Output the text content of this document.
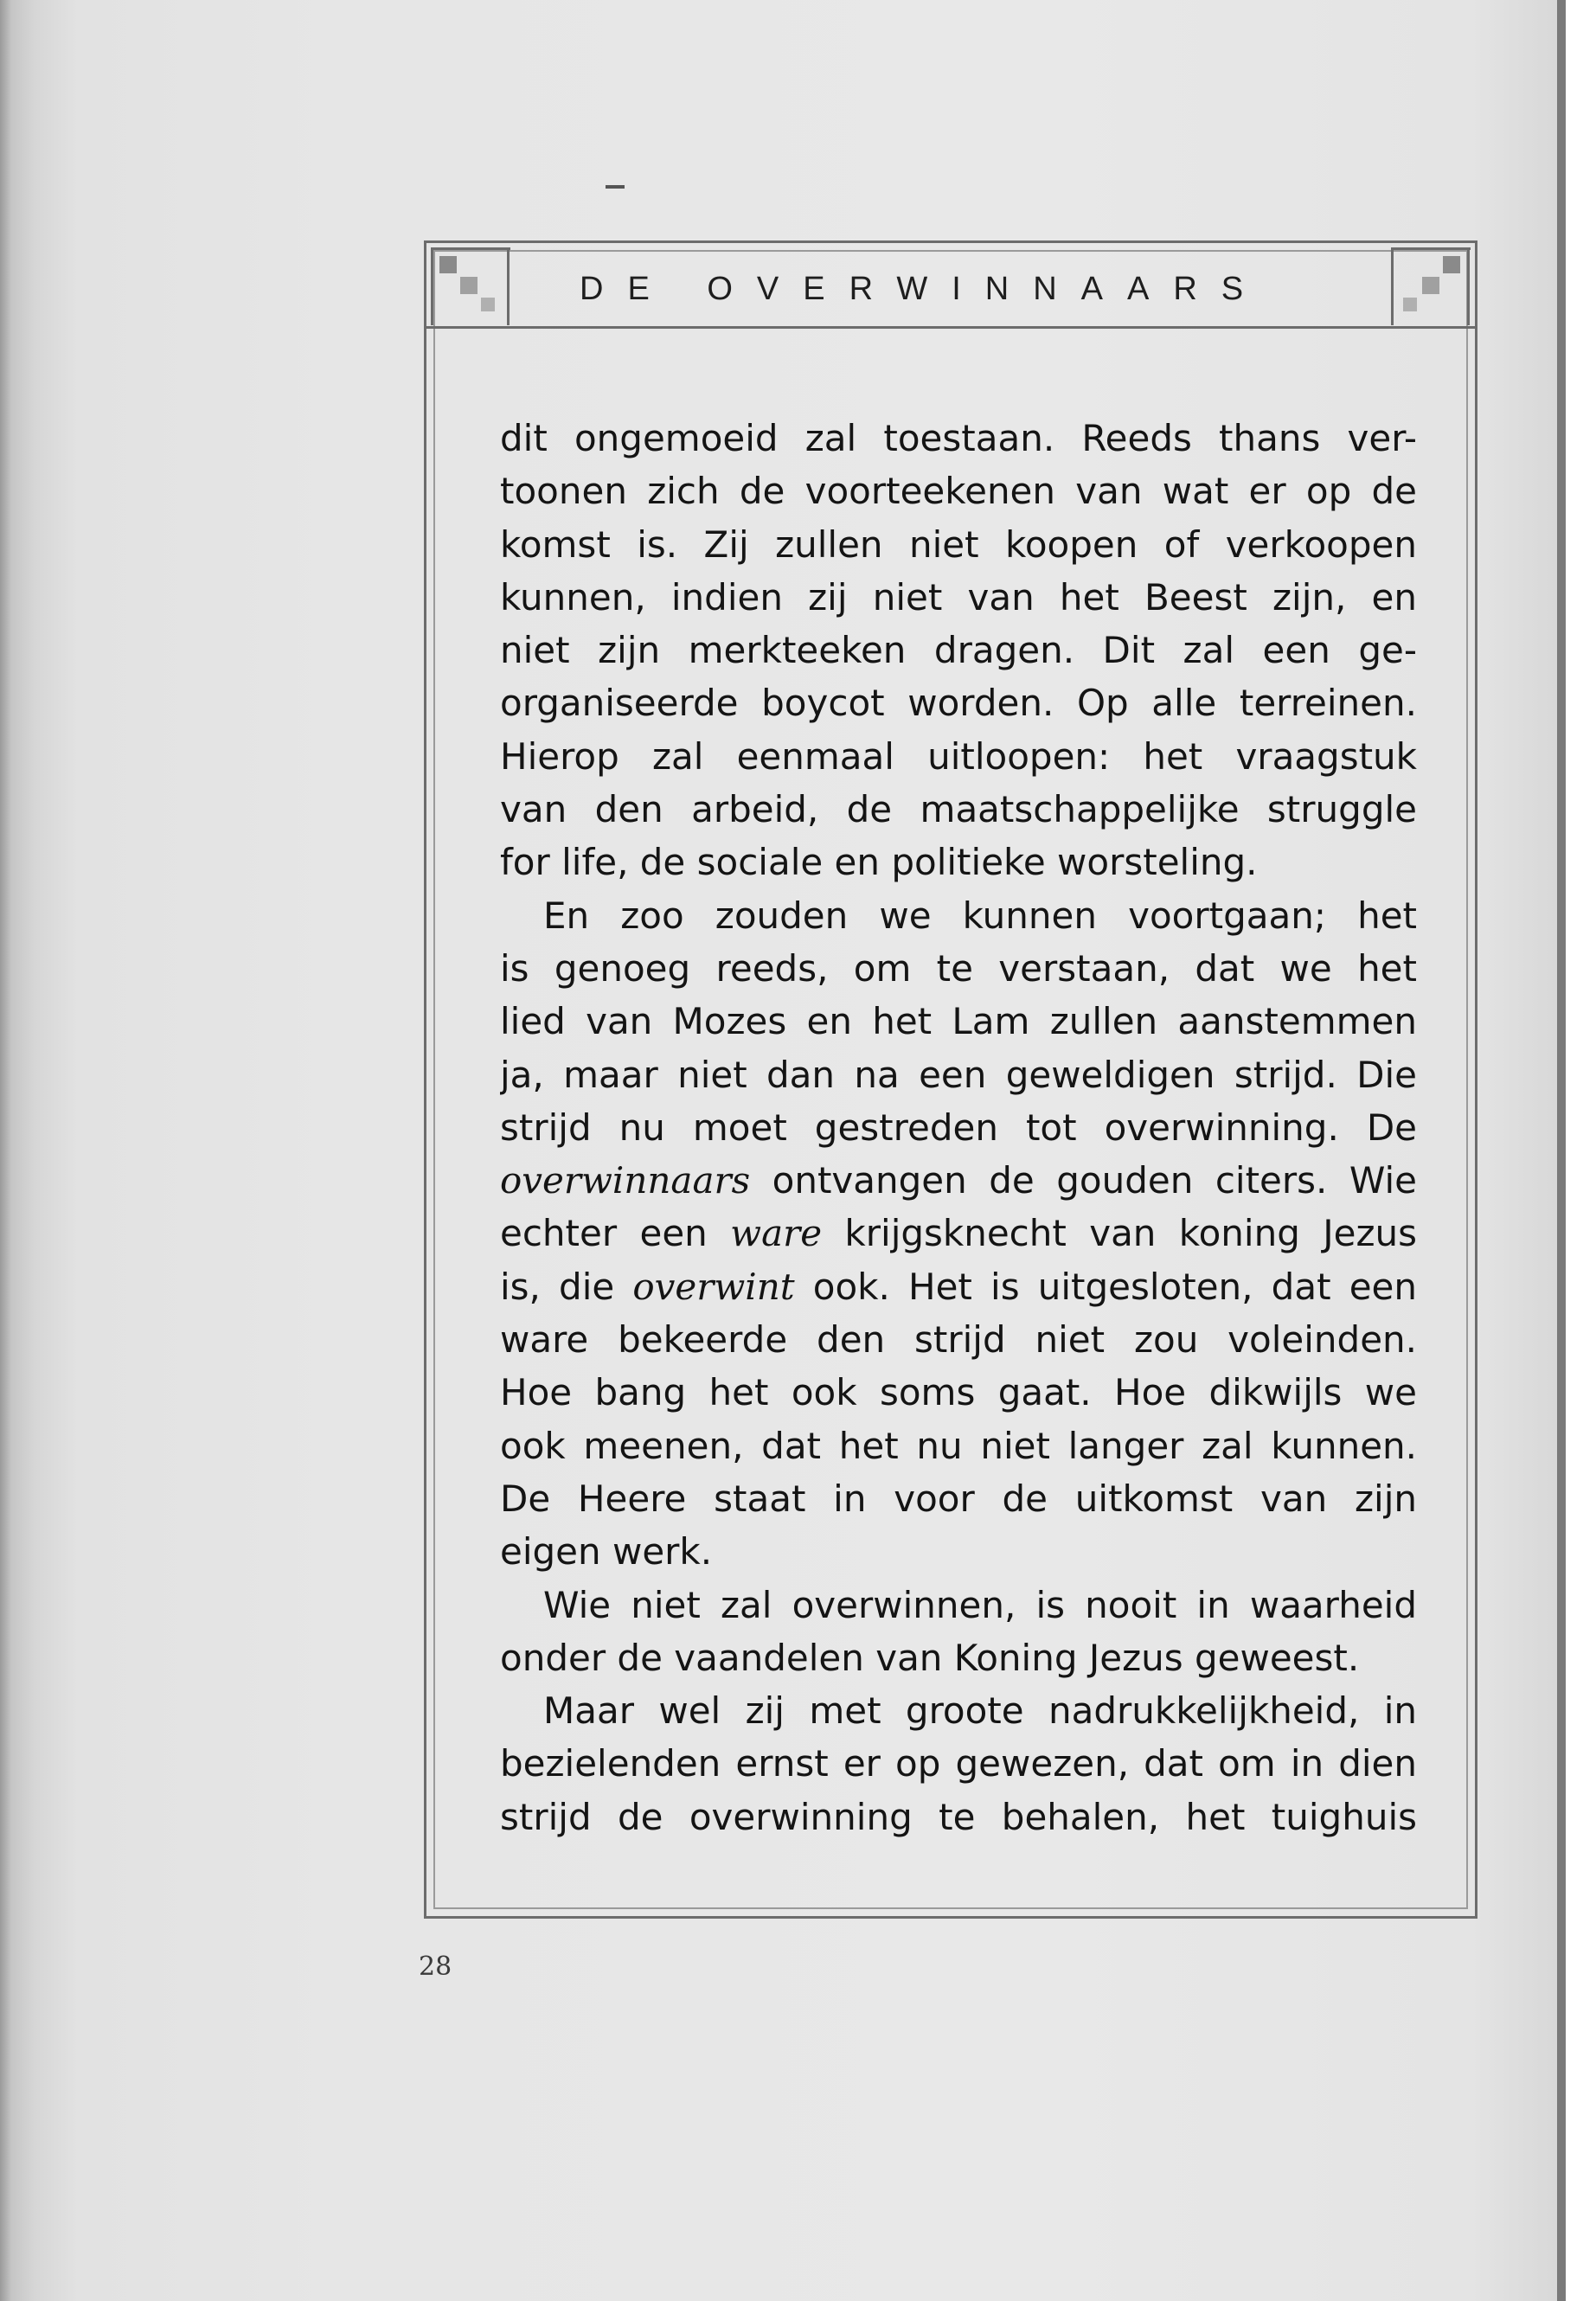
DE OVERWINNAARS
dit ongemoeid zal toestaan. Reeds thans ver-
toonen zich de voorteekenen van wat er op de
komst is. Zij zullen niet koopen of verkoopen
kunnen, indien zij niet van het Beest zijn, en
niet zijn merkteeken dragen. Dit zal een ge-
organiseerde boycot worden. Op alle terreinen.
Hierop zal eenmaal uitloopen: het vraagstuk
van den arbeid, de maatschappelijke struggle
for life, de sociale en politieke worsteling.
En zoo zouden we kunnen voortgaan; het
is genoeg reeds, om te verstaan, dat we het
lied van Mozes en het Lam zullen aanstemmen
ja, maar niet dan na een geweldigen strijd. Die
strijd nu moet gestreden tot overwinning. De
overwinnaars ontvangen de gouden citers. Wie
echter een ware krijgsknecht van koning Jezus
is, die overwint ook. Het is uitgesloten, dat een
ware bekeerde den strijd niet zou voleinden.
Hoe bang het ook soms gaat. Hoe dikwijls we
ook meenen, dat het nu niet langer zal kunnen.
De Heere staat in voor de uitkomst van zijn
eigen werk.
Wie niet zal overwinnen, is nooit in waarheid
onder de vaandelen van Koning Jezus geweest.
Maar wel zij met groote nadrukkelijkheid, in
bezielenden ernst er op gewezen, dat om in dien
strijd de overwinning te behalen, het tuighuis
28
